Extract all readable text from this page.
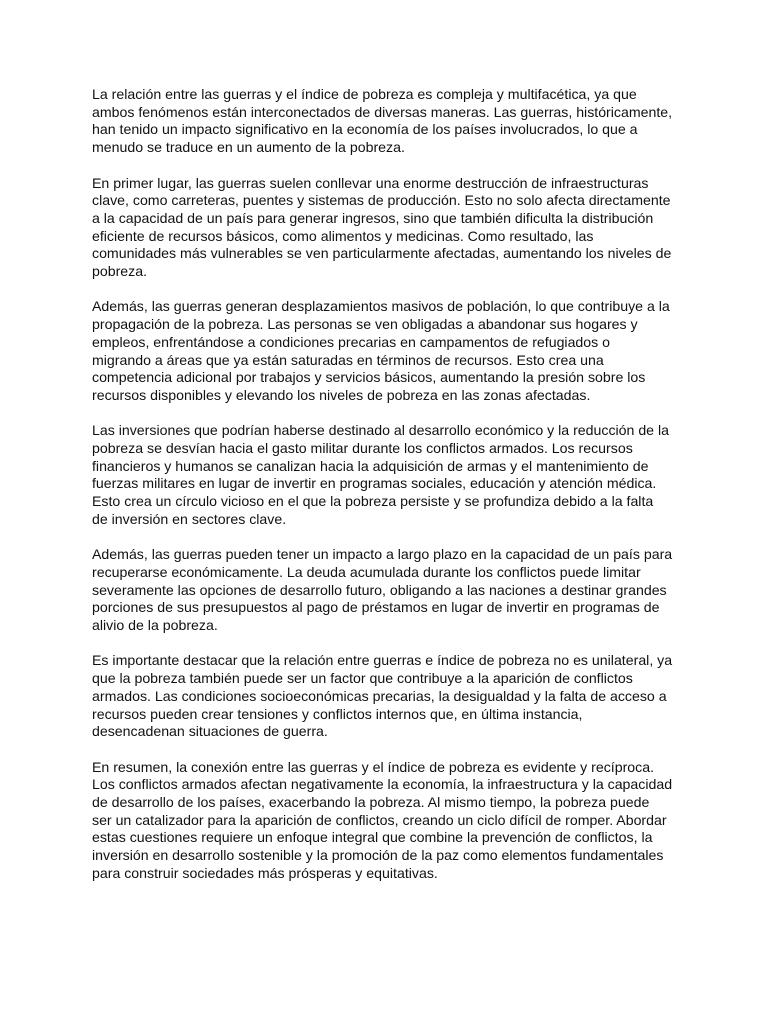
La relación entre las guerras y el índice de pobreza es compleja y multifacética, ya que
ambos fenómenos están interconectados de diversas maneras. Las guerras, históricamente,
han tenido un impacto significativo en la economía de los países involucrados, lo que a
menudo se traduce en un aumento de la pobreza.

En primer lugar, las guerras suelen conllevar una enorme destrucción de infraestructuras
clave, como carreteras, puentes y sistemas de producción. Esto no solo afecta directamente
a la capacidad de un país para generar ingresos, sino que también dificulta la distribución
eficiente de recursos básicos, como alimentos y medicinas. Como resultado, las
comunidades más vulnerables se ven particularmente afectadas, aumentando los niveles de
pobreza.

Además, las guerras generan desplazamientos masivos de población, lo que contribuye a la
propagación de la pobreza. Las personas se ven obligadas a abandonar sus hogares y
empleos, enfrentándose a condiciones precarias en campamentos de refugiados o
migrando a áreas que ya están saturadas en términos de recursos. Esto crea una
competencia adicional por trabajos y servicios básicos, aumentando la presión sobre los
recursos disponibles y elevando los niveles de pobreza en las zonas afectadas.

Las inversiones que podrían haberse destinado al desarrollo económico y la reducción de la
pobreza se desvían hacia el gasto militar durante los conflictos armados. Los recursos
financieros y humanos se canalizan hacia la adquisición de armas y el mantenimiento de
fuerzas militares en lugar de invertir en programas sociales, educación y atención médica.
Esto crea un círculo vicioso en el que la pobreza persiste y se profundiza debido a la falta
de inversión en sectores clave.

Además, las guerras pueden tener un impacto a largo plazo en la capacidad de un país para
recuperarse económicamente. La deuda acumulada durante los conflictos puede limitar
severamente las opciones de desarrollo futuro, obligando a las naciones a destinar grandes
porciones de sus presupuestos al pago de préstamos en lugar de invertir en programas de
alivio de la pobreza.

Es importante destacar que la relación entre guerras e índice de pobreza no es unilateral, ya
que la pobreza también puede ser un factor que contribuye a la aparición de conflictos
armados. Las condiciones socioeconómicas precarias, la desigualdad y la falta de acceso a
recursos pueden crear tensiones y conflictos internos que, en última instancia,
desencadenan situaciones de guerra.

En resumen, la conexión entre las guerras y el índice de pobreza es evidente y recíproca.
Los conflictos armados afectan negativamente la economía, la infraestructura y la capacidad
de desarrollo de los países, exacerbando la pobreza. Al mismo tiempo, la pobreza puede
ser un catalizador para la aparición de conflictos, creando un ciclo difícil de romper. Abordar
estas cuestiones requiere un enfoque integral que combine la prevención de conflictos, la
inversión en desarrollo sostenible y la promoción de la paz como elementos fundamentales
para construir sociedades más prósperas y equitativas.
